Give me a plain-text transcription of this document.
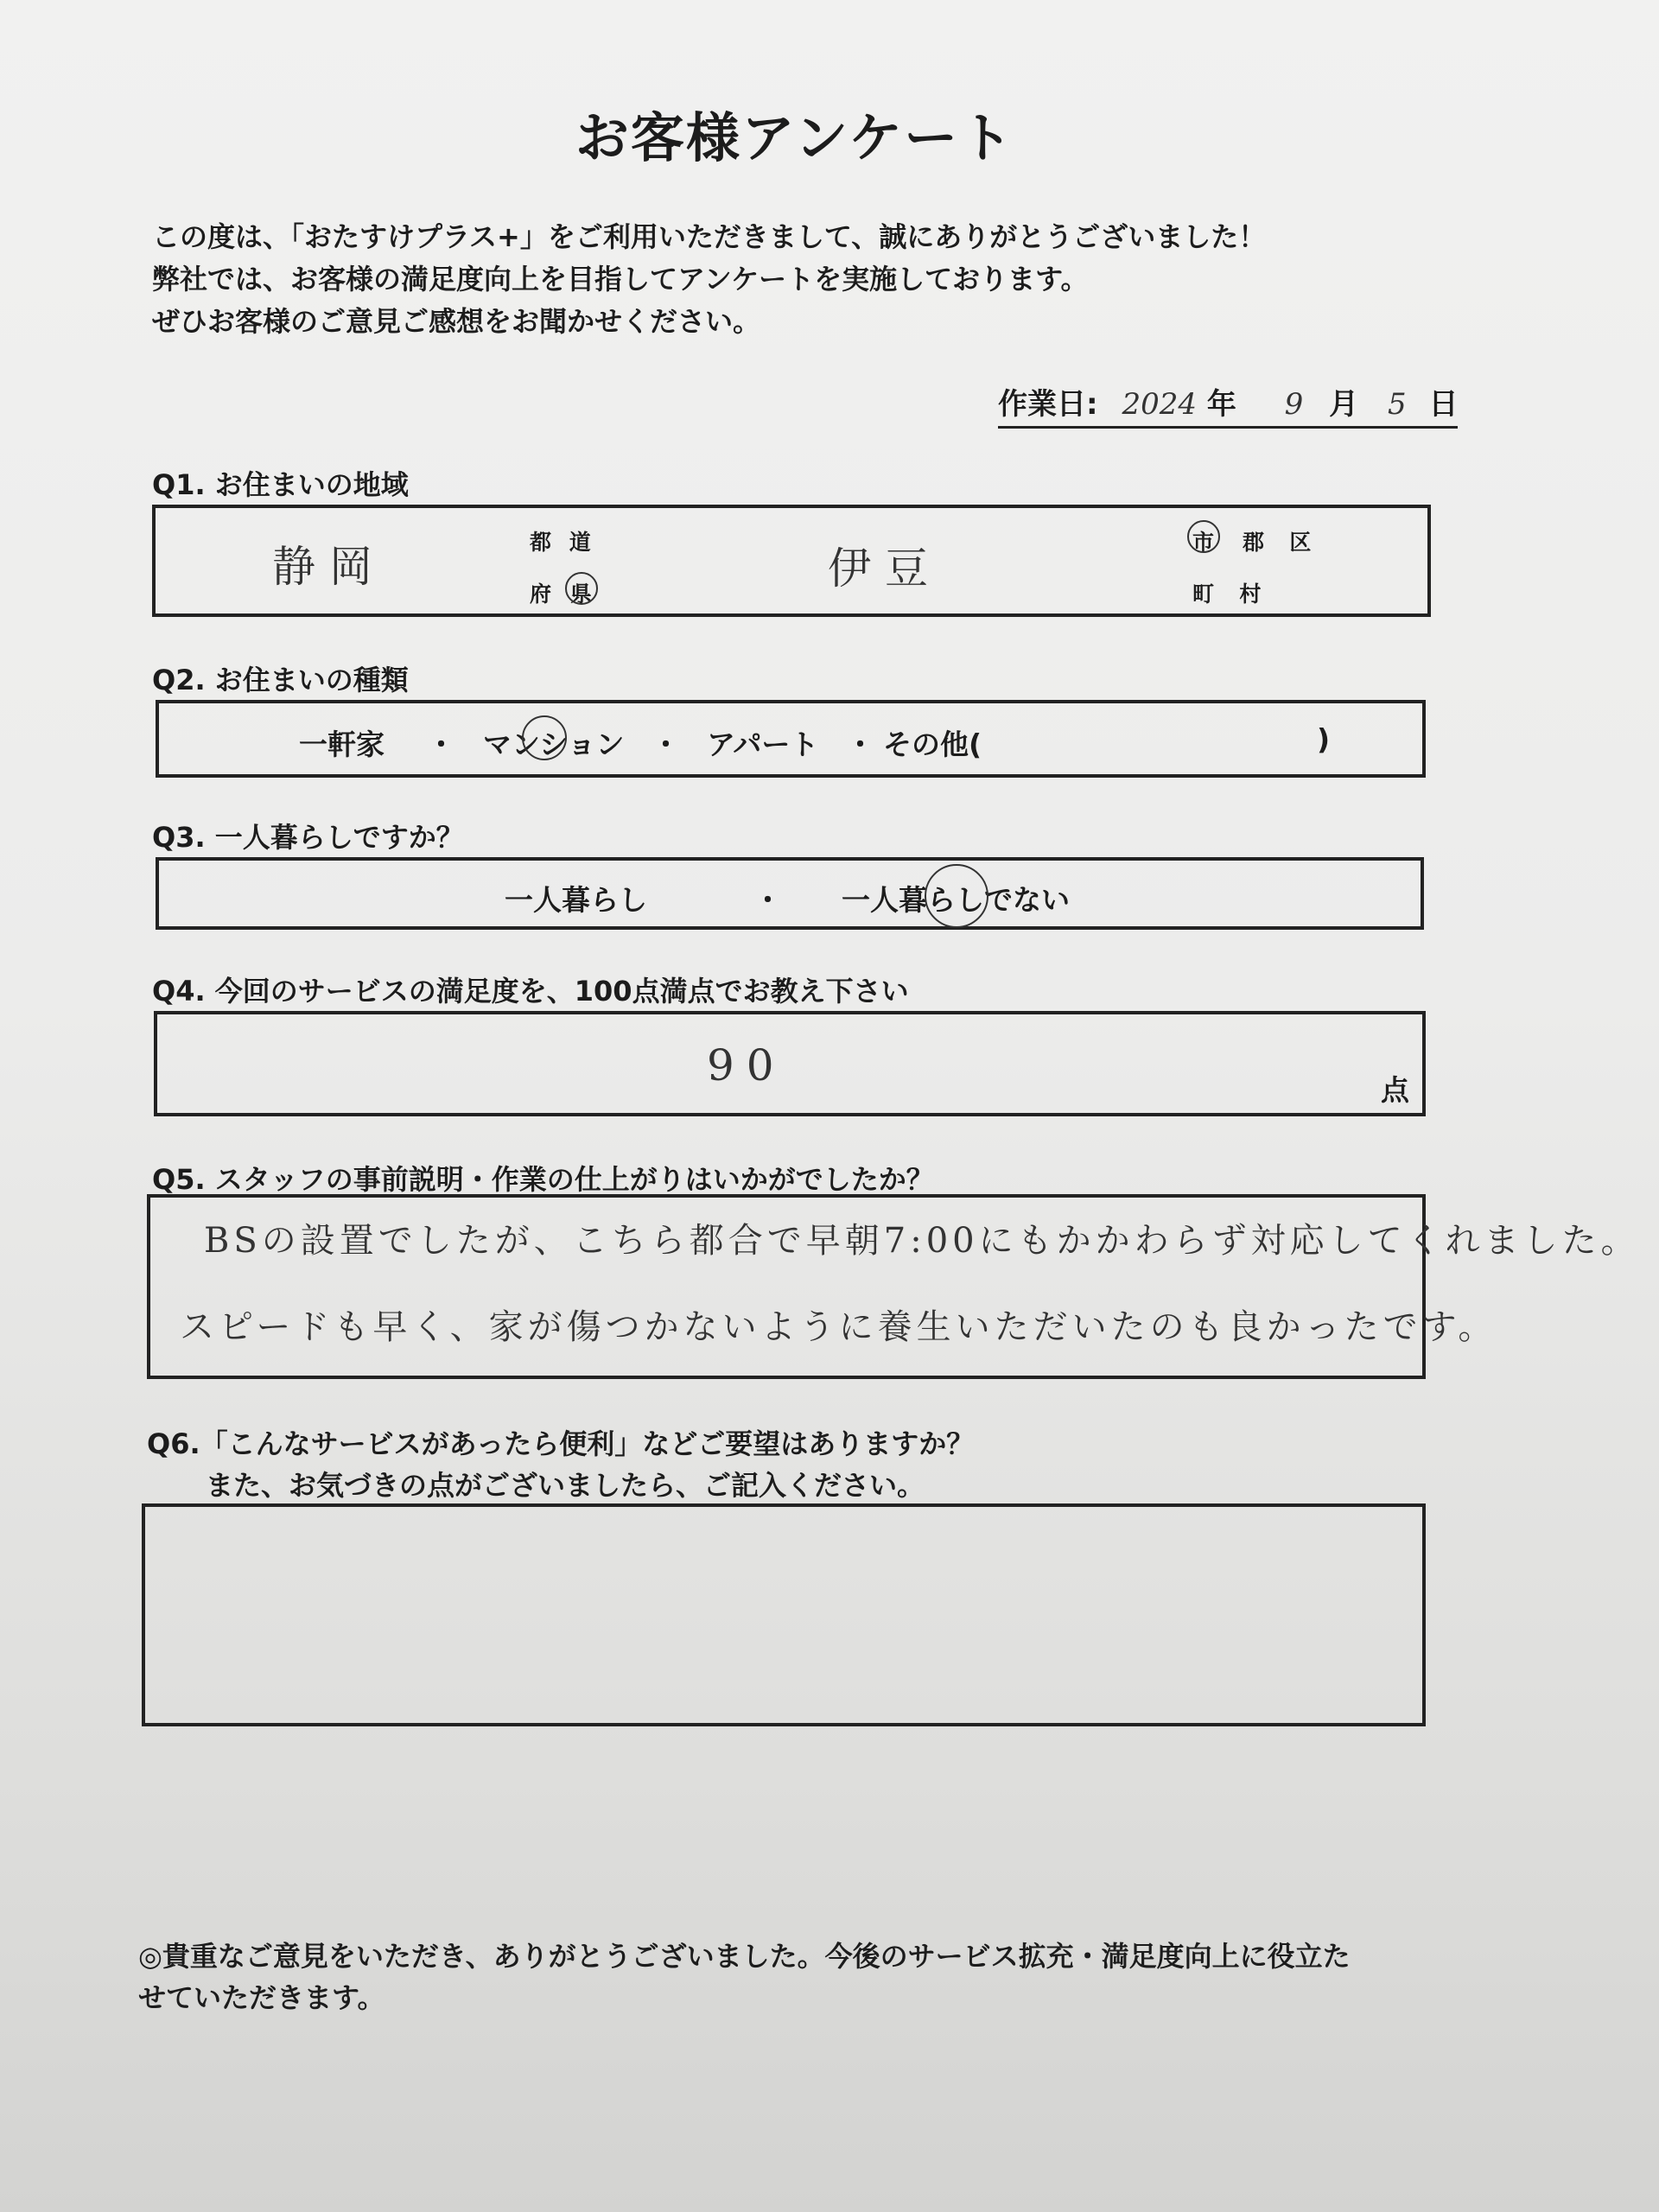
お客様アンケート
この度は、「おたすけプラス+」をご利用いただきまして、誠にありがとうございました！
弊社では、お客様の満足度向上を目指してアンケートを実施しております。
ぜひお客様のご意見ご感想をお聞かせください。
作業日: 2024 年 9 月 5 日
Q1. お住まいの地域
静岡	都 道
府 県
伊豆
市 郡  区
町  村
Q2. お住まいの種類
一軒家 ・ マンション ・ アパート ・ その他(	)
Q3. 一人暮らしですか？
一人暮らし	・ 一人暮らしでない
Q4. 今回のサービスの満足度を、100点満点でお教え下さい
90	点
Q5. スタッフの事前説明・作業の仕上がりはいかがでしたか？
BSの設置でしたが、こちら都合で早朝7:00にもかかわらず対応してくれました。
スピードも早く、家が傷つかないように養生いただいたのも良かったです。
Q6.「こんなサービスがあったら便利」などご要望はありますか？
また、お気づきの点がございましたら、ご記入ください。
◎貴重なご意見をいただき、ありがとうございました。今後のサービス拡充・満足度向上に役立た
せていただきます。
